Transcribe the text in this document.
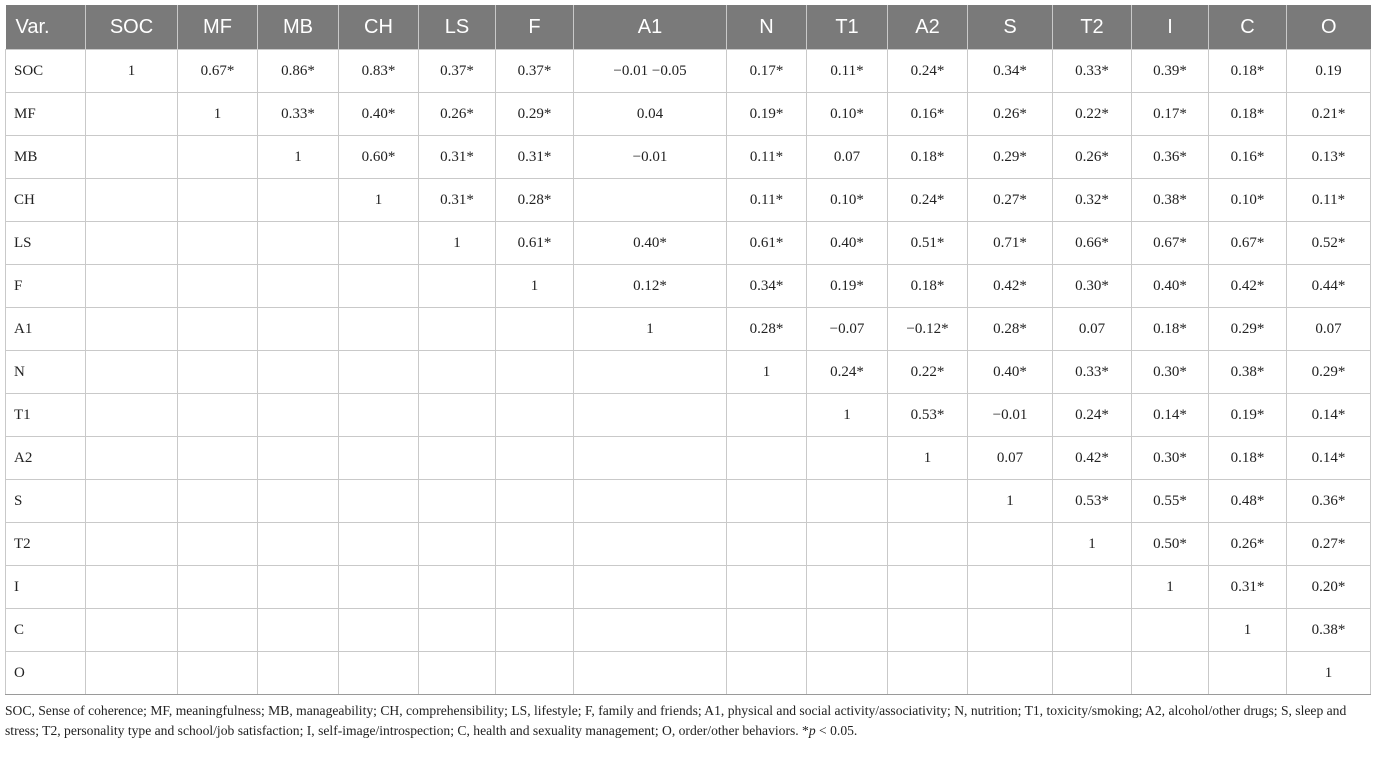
Var.	SOC	MF	MB	CH	LS	F	A1	N	T1	A2	S	T2	I	C	O
SOC	1	0.67*	0.86*	0.83*	0.37*	0.37*	−0.01 −0.05	0.17*	0.11*	0.24*	0.34*	0.33*	0.39*	0.18*	0.19
MF		1	0.33*	0.40*	0.26*	0.29*	0.04	0.19*	0.10*	0.16*	0.26*	0.22*	0.17*	0.18*	0.21*
MB			1	0.60*	0.31*	0.31*	−0.01	0.11*	0.07	0.18*	0.29*	0.26*	0.36*	0.16*	0.13*
CH				1	0.31*	0.28*		0.11*	0.10*	0.24*	0.27*	0.32*	0.38*	0.10*	0.11*
LS					1	0.61*	0.40*	0.61*	0.40*	0.51*	0.71*	0.66*	0.67*	0.67*	0.52*
F						1	0.12*	0.34*	0.19*	0.18*	0.42*	0.30*	0.40*	0.42*	0.44*
A1							1	0.28*	−0.07	−0.12*	0.28*	0.07	0.18*	0.29*	0.07
N								1	0.24*	0.22*	0.40*	0.33*	0.30*	0.38*	0.29*
T1									1	0.53*	−0.01	0.24*	0.14*	0.19*	0.14*
A2										1	0.07	0.42*	0.30*	0.18*	0.14*
S											1	0.53*	0.55*	0.48*	0.36*
T2												1	0.50*	0.26*	0.27*
I													1	0.31*	0.20*
C														1	0.38*
O															1
SOC, Sense of coherence; MF, meaningfulness; MB, manageability; CH, comprehensibility; LS, lifestyle; F, family and friends; A1, physical and social activity/associativity; N, nutrition; T1, toxicity/smoking; A2, alcohol/other drugs; S, sleep and stress; T2, personality type and school/job satisfaction; I, self-image/introspection; C, health and sexuality management; O, order/other behaviors. *p < 0.05.
